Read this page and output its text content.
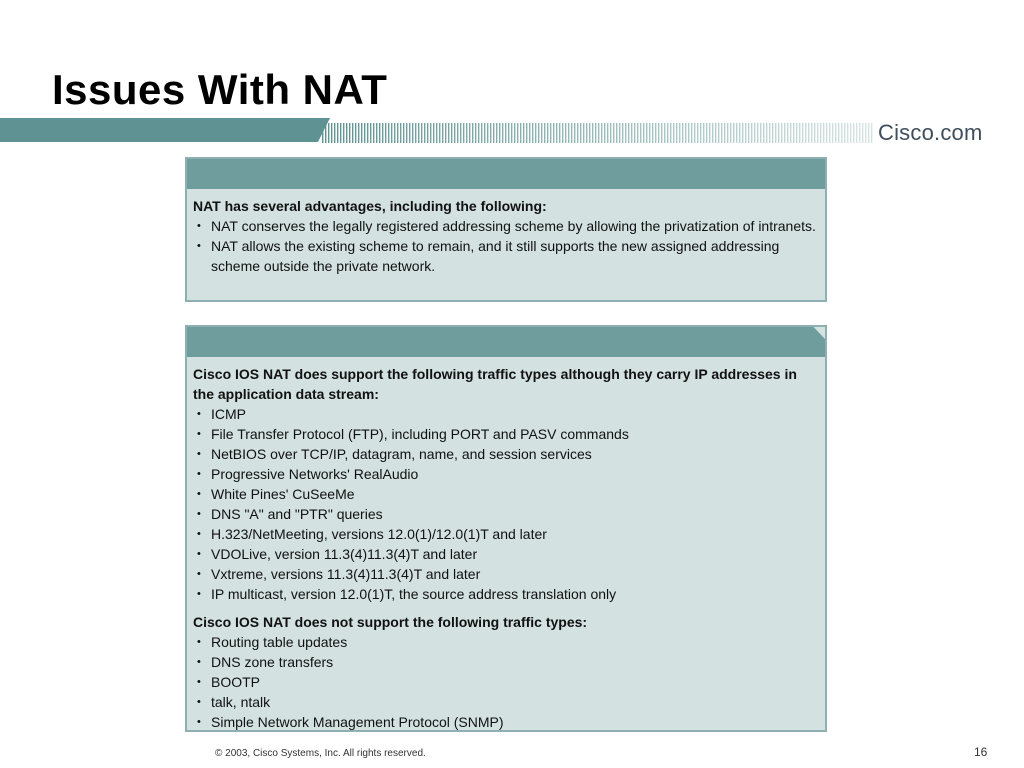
Issues With NAT
Cisco.com
NAT has several advantages, including the following:
• NAT conserves the legally registered addressing scheme by allowing the privatization of intranets.
• NAT allows the existing scheme to remain, and it still supports the new assigned addressing scheme outside the private network.
Cisco IOS NAT does support the following traffic types although they carry IP addresses in the application data stream:
• ICMP
• File Transfer Protocol (FTP), including PORT and PASV commands
• NetBIOS over TCP/IP, datagram, name, and session services
• Progressive Networks' RealAudio
• White Pines' CuSeeMe
• DNS "A" and "PTR" queries
• H.323/NetMeeting, versions 12.0(1)/12.0(1)T and later
• VDOLive, version 11.3(4)11.3(4)T and later
• Vxtreme, versions 11.3(4)11.3(4)T and later
• IP multicast, version 12.0(1)T, the source address translation only
Cisco IOS NAT does not support the following traffic types:
• Routing table updates
• DNS zone transfers
• BOOTP
• talk, ntalk
• Simple Network Management Protocol (SNMP)
© 2003, Cisco Systems, Inc. All rights reserved.	16
